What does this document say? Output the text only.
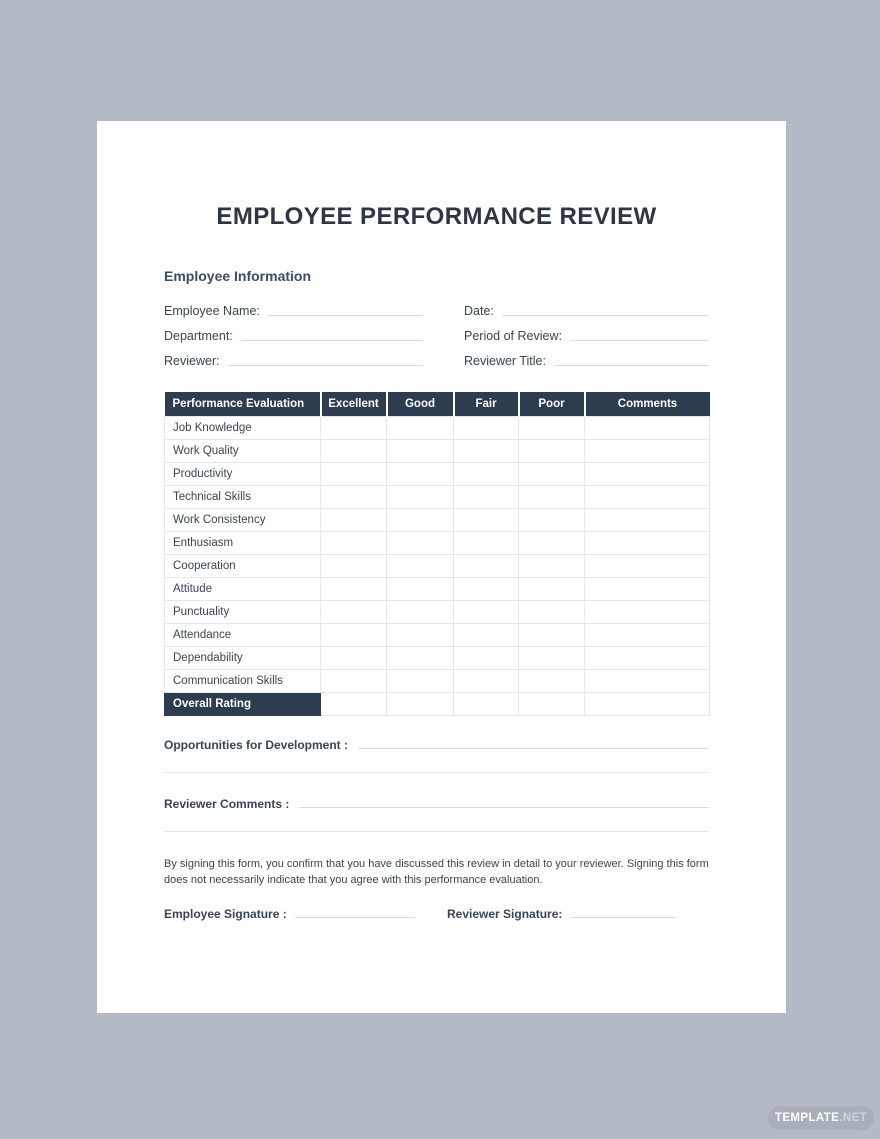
EMPLOYEE PERFORMANCE REVIEW
Employee Information
Employee Name:
Department:
Reviewer:
Date:
Period of Review:
Reviewer Title:
Performance Evaluation	Excellent	Good	Fair	Poor	Comments
Job Knowledge					
Work Quality					
Productivity					
Technical Skills					
Work Consistency					
Enthusiasm					
Cooperation					
Attitude					
Punctuality					
Attendance					
Dependability					
Communication Skills					
Overall Rating					
Opportunities for Development :
Reviewer Comments :

By signing this form, you confirm that you have discussed this review in detail to your reviewer. Signing this form does not necessarily indicate that you agree with this performance evaluation.

Employee Signature :	Reviewer Signature:
TEMPLATE .NET
